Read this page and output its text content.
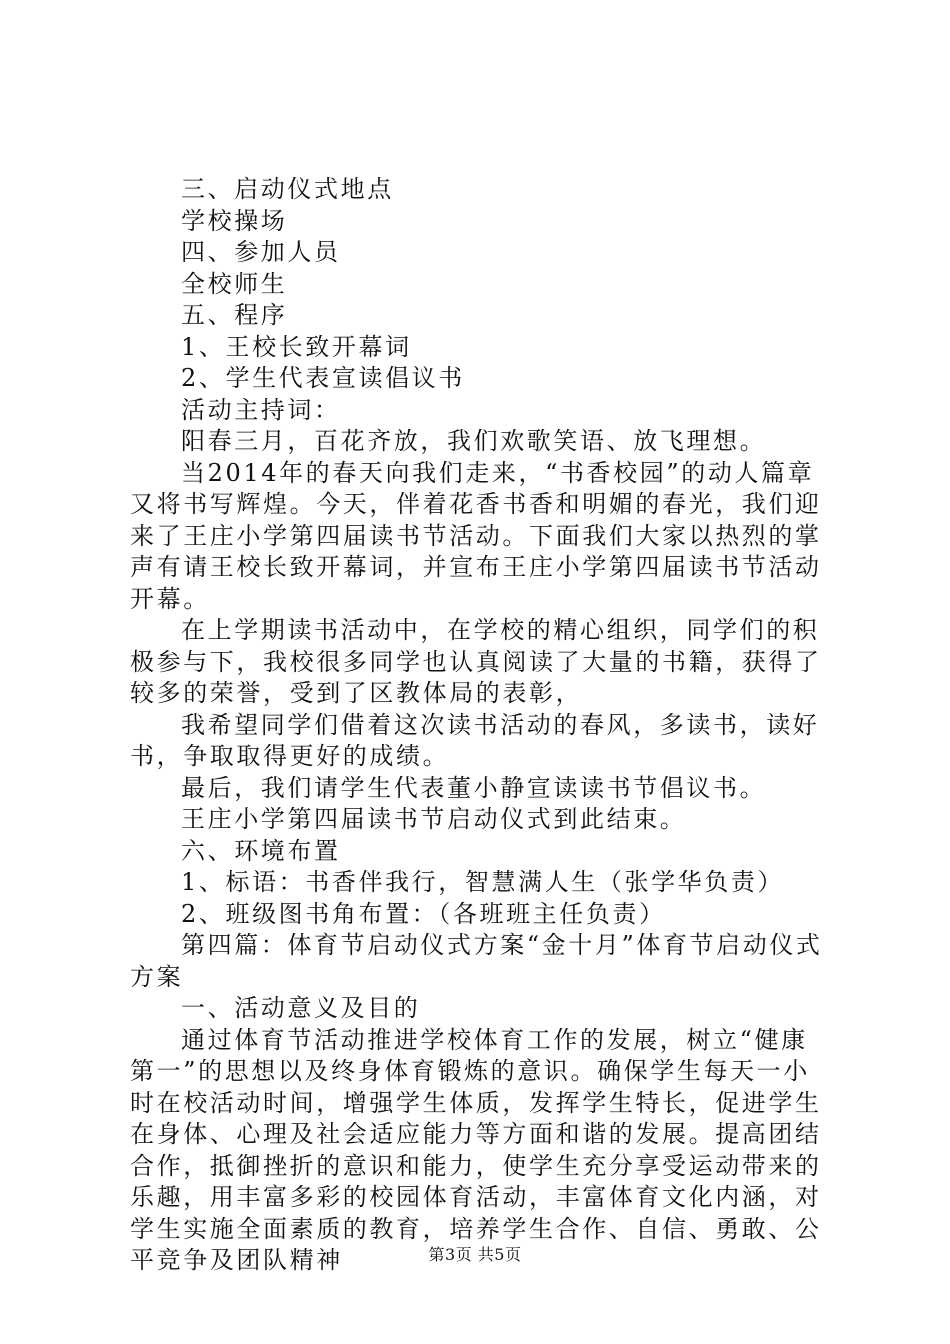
三、启动仪式地点

学校操场

四、参加人员

全校师生

五、程序

1、王校长致开幕词

2、学生代表宣读倡议书

活动主持词：

阳春三月，百花齐放，我们欢歌笑语、放飞理想。

当2014年的春天向我们走来，“书香校园”的动人篇章又将书写辉煌。今天，伴着花香书香和明媚的春光，我们迎来了王庄小学第四届读书节活动。下面我们大家以热烈的掌声有请王校长致开幕词，并宣布王庄小学第四届读书节活动开幕。

在上学期读书活动中，在学校的精心组织，同学们的积极参与下，我校很多同学也认真阅读了大量的书籍，获得了较多的荣誉，受到了区教体局的表彰，

我希望同学们借着这次读书活动的春风，多读书，读好书，争取取得更好的成绩。

最后，我们请学生代表董小静宣读读书节倡议书。

王庄小学第四届读书节启动仪式到此结束。

六、环境布置

1、标语：书香伴我行，智慧满人生（张学华负责）

2、班级图书角布置：（各班班主任负责）

第四篇：体育节启动仪式方案“金十月”体育节启动仪式方案

一、活动意义及目的

通过体育节活动推进学校体育工作的发展，树立“健康第一”的思想以及终身体育锻炼的意识。确保学生每天一小时在校活动时间，增强学生体质，发挥学生特长，促进学生在身体、心理及社会适应能力等方面和谐的发展。提高团结合作，抵御挫折的意识和能力，使学生充分享受运动带来的乐趣，用丰富多彩的校园体育活动，丰富体育文化内涵，对学生实施全面素质的教育，培养学生合作、自信、勇敢、公平竞争及团队精神	第3页 共5页
